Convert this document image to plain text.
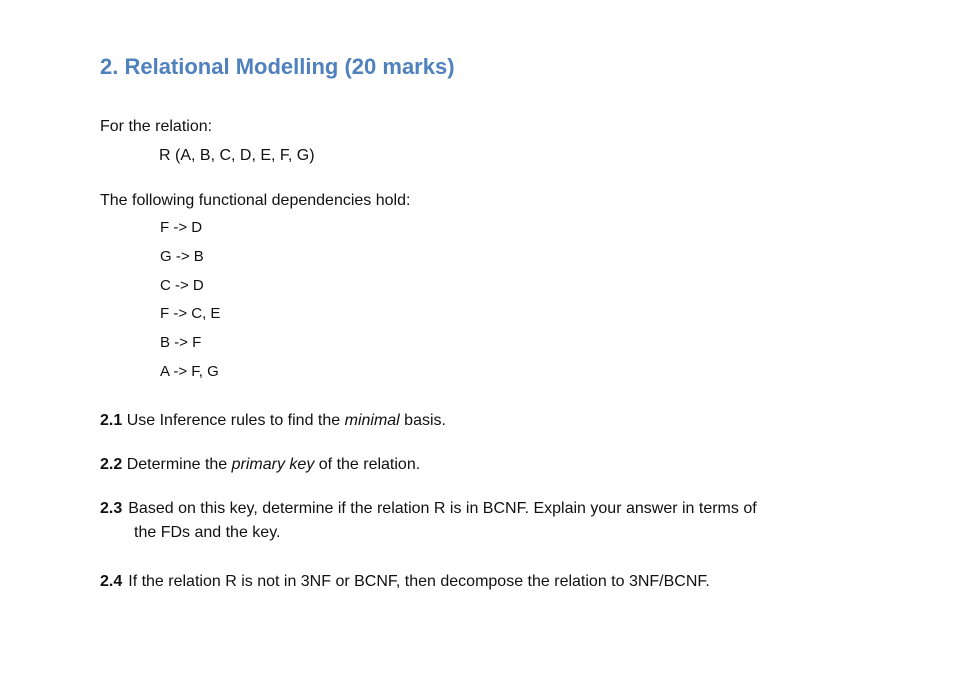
2. Relational Modelling (20 marks)
For the relation:
R (A, B, C, D, E, F, G)
The following functional dependencies hold:
F -> D
G -> B
C -> D
F -> C, E
B -> F
A -> F, G
2.1 Use Inference rules to find the minimal basis.
2.2 Determine the primary key of the relation.
2.3 Based on this key, determine if the relation R is in BCNF. Explain your answer in terms of
the FDs and the key.
2.4 If the relation R is not in 3NF or BCNF, then decompose the relation to 3NF/BCNF.
